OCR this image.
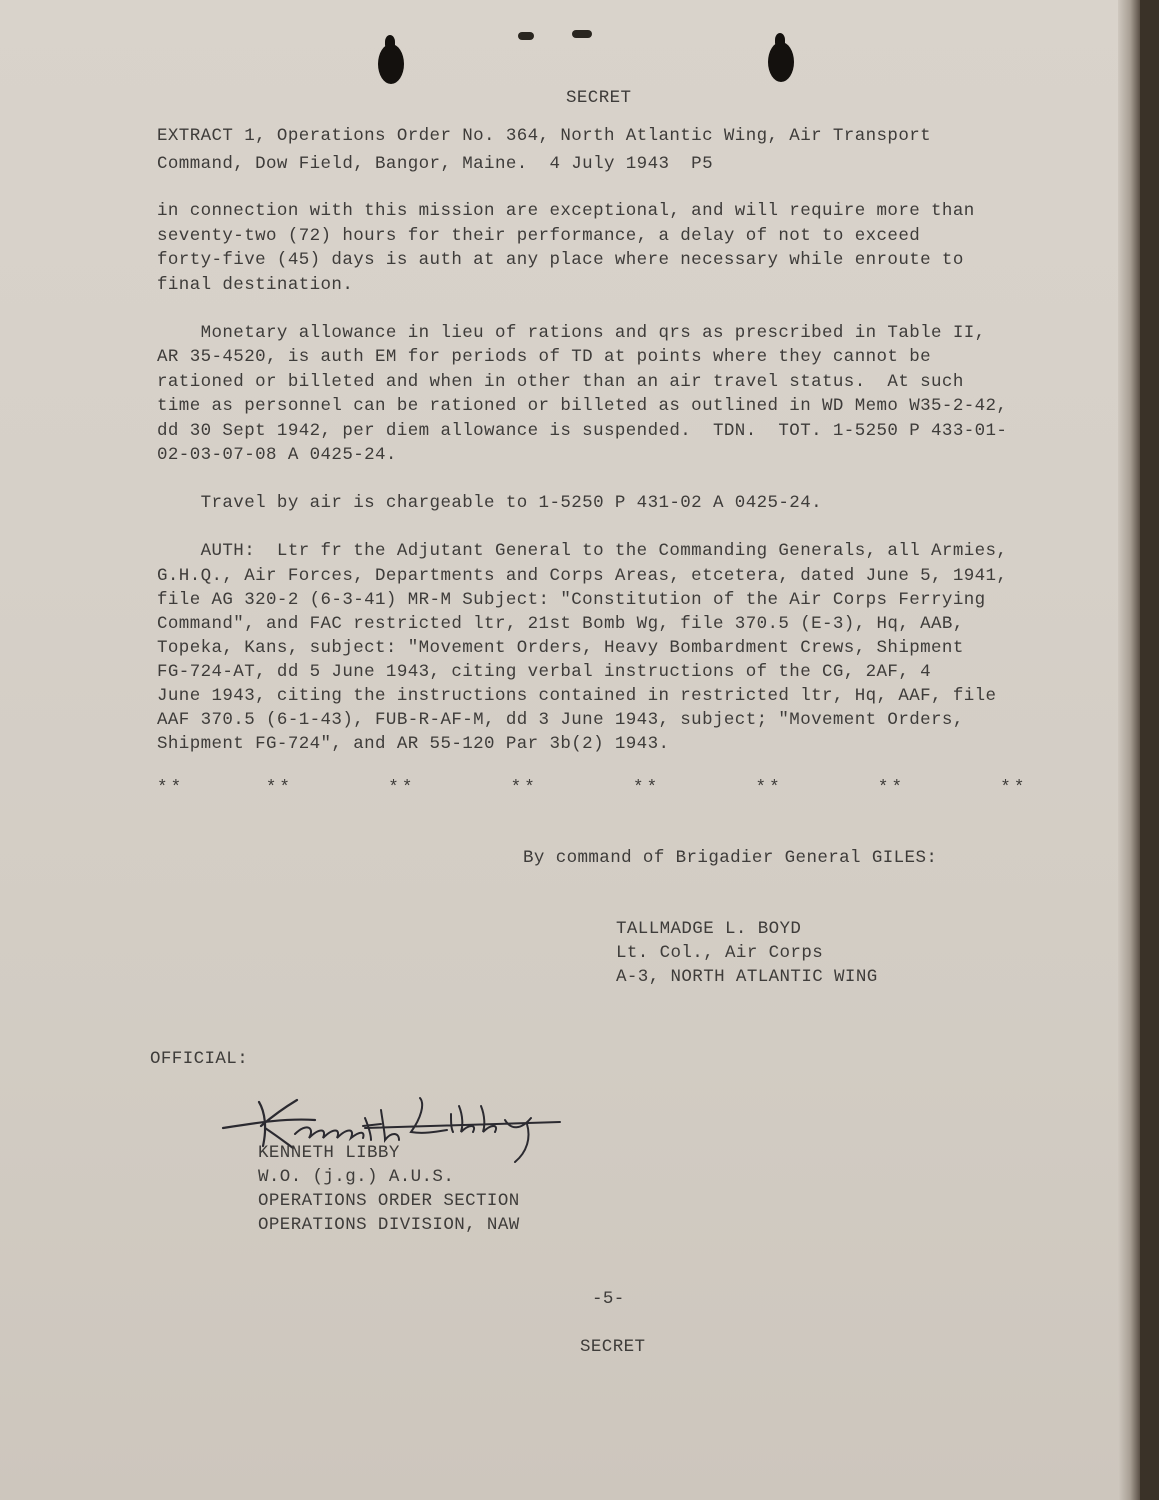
SECRET

EXTRACT 1, Operations Order No. 364, North Atlantic Wing, Air Transport

Command, Dow Field, Bangor, Maine.  4 July 1943  P5

in connection with this mission are exceptional, and will require more than

seventy-two (72) hours for their performance, a delay of not to exceed

forty-five (45) days is auth at any place where necessary while enroute to

final destination.

Monetary allowance in lieu of rations and qrs as prescribed in Table II,

AR 35-4520, is auth EM for periods of TD at points where they cannot be

rationed or billeted and when in other than an air travel status.  At such

time as personnel can be rationed or billeted as outlined in WD Memo W35-2-42,

dd 30 Sept 1942, per diem allowance is suspended.  TDN.  TOT. 1-5250 P 433-01-

02-03-07-08 A 0425-24.

Travel by air is chargeable to 1-5250 P 431-02 A 0425-24.

AUTH:  Ltr fr the Adjutant General to the Commanding Generals, all Armies,

G.H.Q., Air Forces, Departments and Corps Areas, etcetera, dated June 5, 1941,

file AG 320-2 (6-3-41) MR-M Subject: "Constitution of the Air Corps Ferrying

Command", and FAC restricted ltr, 21st Bomb Wg, file 370.5 (E-3), Hq, AAB,

Topeka, Kans, subject: "Movement Orders, Heavy Bombardment Crews, Shipment

FG-724-AT, dd 5 June 1943, citing verbal instructions of the CG, 2AF, 4

June 1943, citing the instructions contained in restricted ltr, Hq, AAF, file

AAF 370.5 (6-1-43), FUB-R-AF-M, dd 3 June 1943, subject; "Movement Orders,

Shipment FG-724", and AR 55-120 Par 3b(2) 1943.

**      **       **       **       **       **       **       **

By command of Brigadier General GILES:

TALLMADGE L. BOYD

Lt. Col., Air Corps

A-3, NORTH ATLANTIC WING

OFFICIAL:

KENNETH LIBBY

W.O. (j.g.) A.U.S.

OPERATIONS ORDER SECTION

OPERATIONS DIVISION, NAW

-5-

SECRET
